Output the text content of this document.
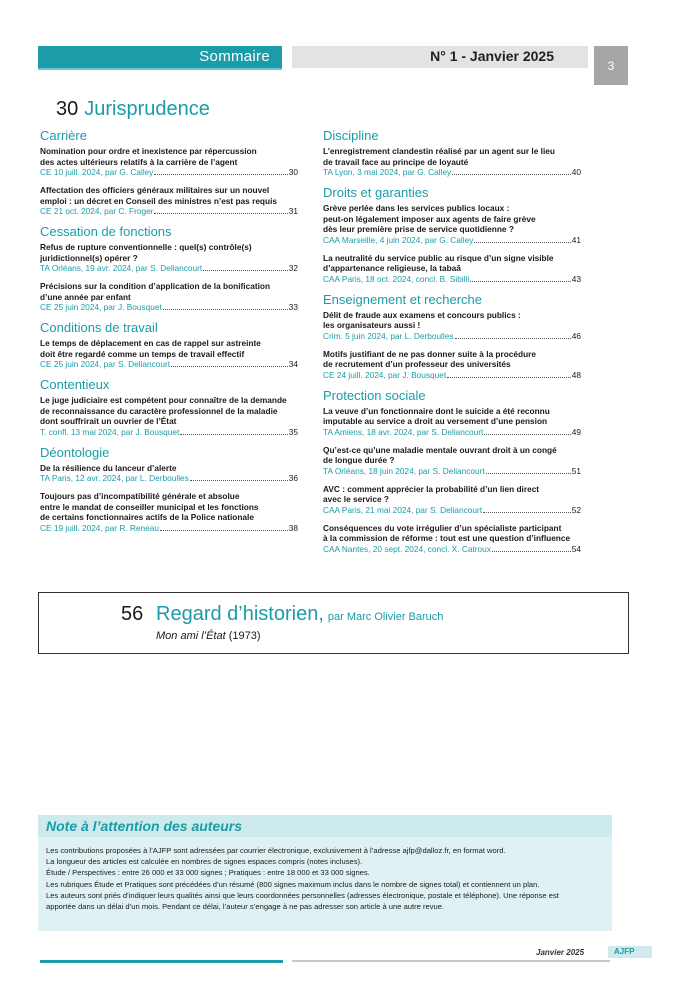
Sommaire	N° 1 - Janvier 2025
3
30 Jurisprudence
Carrière
Nomination pour ordre et inexistence par répercussion
des actes ultérieurs relatifs à la carrière de l’agent
CE 10 juill. 2024, par G. Calley	30
Affectation des officiers généraux militaires sur un nouvel
emploi : un décret en Conseil des ministres n’est pas requis
CE 21 oct. 2024, par C. Froger	31
Cessation de fonctions
Refus de rupture conventionnelle : quel(s) contrôle(s)
juridictionnel(s) opérer ?
TA Orléans, 19 avr. 2024, par S. Deliancourt	32
Précisions sur la condition d’application de la bonification
d’une année par enfant
CE 25 juin 2024, par J. Bousquet	33
Conditions de travail
Le temps de déplacement en cas de rappel sur astreinte
doit être regardé comme un temps de travail effectif
CE 25 juin 2024, par S. Deliancourt	34
Contentieux
Le juge judiciaire est compétent pour connaître de la demande
de reconnaissance du caractère professionnel de la maladie
dont souffrirait un ouvrier de l’État
T. confl. 13 mai 2024, par J. Bousquet	35
Déontologie
De la résilience du lanceur d’alerte
TA Paris, 12 avr. 2024, par L. Derboulles	36
Toujours pas d’incompatibilité générale et absolue
entre le mandat de conseiller municipal et les fonctions
de certains fonctionnaires actifs de la Police nationale
CE 19 juill. 2024, par R. Reneau	38
Discipline
L’enregistrement clandestin réalisé par un agent sur le lieu
de travail face au principe de loyauté
TA Lyon, 3 mai 2024, par G. Calley	40
Droits et garanties
Grève perlée dans les services publics locaux :
peut-on légalement imposer aux agents de faire grève
dès leur première prise de service quotidienne ?
CAA Marseille, 4 juin 2024, par G. Calley	41
La neutralité du service public au risque d’un signe visible
d’appartenance religieuse, la tabaā
CAA Paris, 18 oct. 2024, concl. B. Sibilli	43
Enseignement et recherche
Délit de fraude aux examens et concours publics :
les organisateurs aussi !
Crim. 5 juin 2024, par L. Derboulles	46
Motifs justifiant de ne pas donner suite à la procédure
de recrutement d’un professeur des universités
CE 24 juill. 2024, par J. Bousquet	48
Protection sociale
La veuve d’un fonctionnaire dont le suicide a été reconnu
imputable au service a droit au versement d’une pension
TA Amiens, 18 avr. 2024, par S. Deliancourt	49
Qu’est-ce qu’une maladie mentale ouvrant droit à un congé
de longue durée ?
TA Orléans, 18 juin 2024, par S. Deliancourt	51
AVC : comment apprécier la probabilité d’un lien direct
avec le service ?
CAA Paris, 21 mai 2024, par S. Deliancourt	52
Conséquences du vote irrégulier d’un spécialiste participant
à la commission de réforme : tout est une question d’influence
CAA Nantes, 20 sept. 2024, concl. X. Catroux	54
56 Regard d’historien, par Marc Olivier Baruch
Mon ami l’État (1973)
Note à l’attention des auteurs

Les contributions proposées à l’AJFP sont adressées par courrier électronique, exclusivement à l’adresse ajfp@dalloz.fr, en format word.

La longueur des articles est calculée en nombres de signes espaces compris (notes incluses).

Étude / Perspectives : entre 26 000 et 33 000 signes ; Pratiques : entre 18 000 et 33 000 signes.

Les rubriques Étude et Pratiques sont précédées d’un résumé (800 signes maximum inclus dans le nombre de signes total) et contiennent un plan.

Les auteurs sont priés d’indiquer leurs qualités ainsi que leurs coordonnées personnelles (adresses électronique, postale et téléphone). Une réponse est

apportée dans un délai d’un mois. Pendant ce délai, l’auteur s’engage à ne pas adresser son article à une autre revue.

Janvier 2025	AJFP
